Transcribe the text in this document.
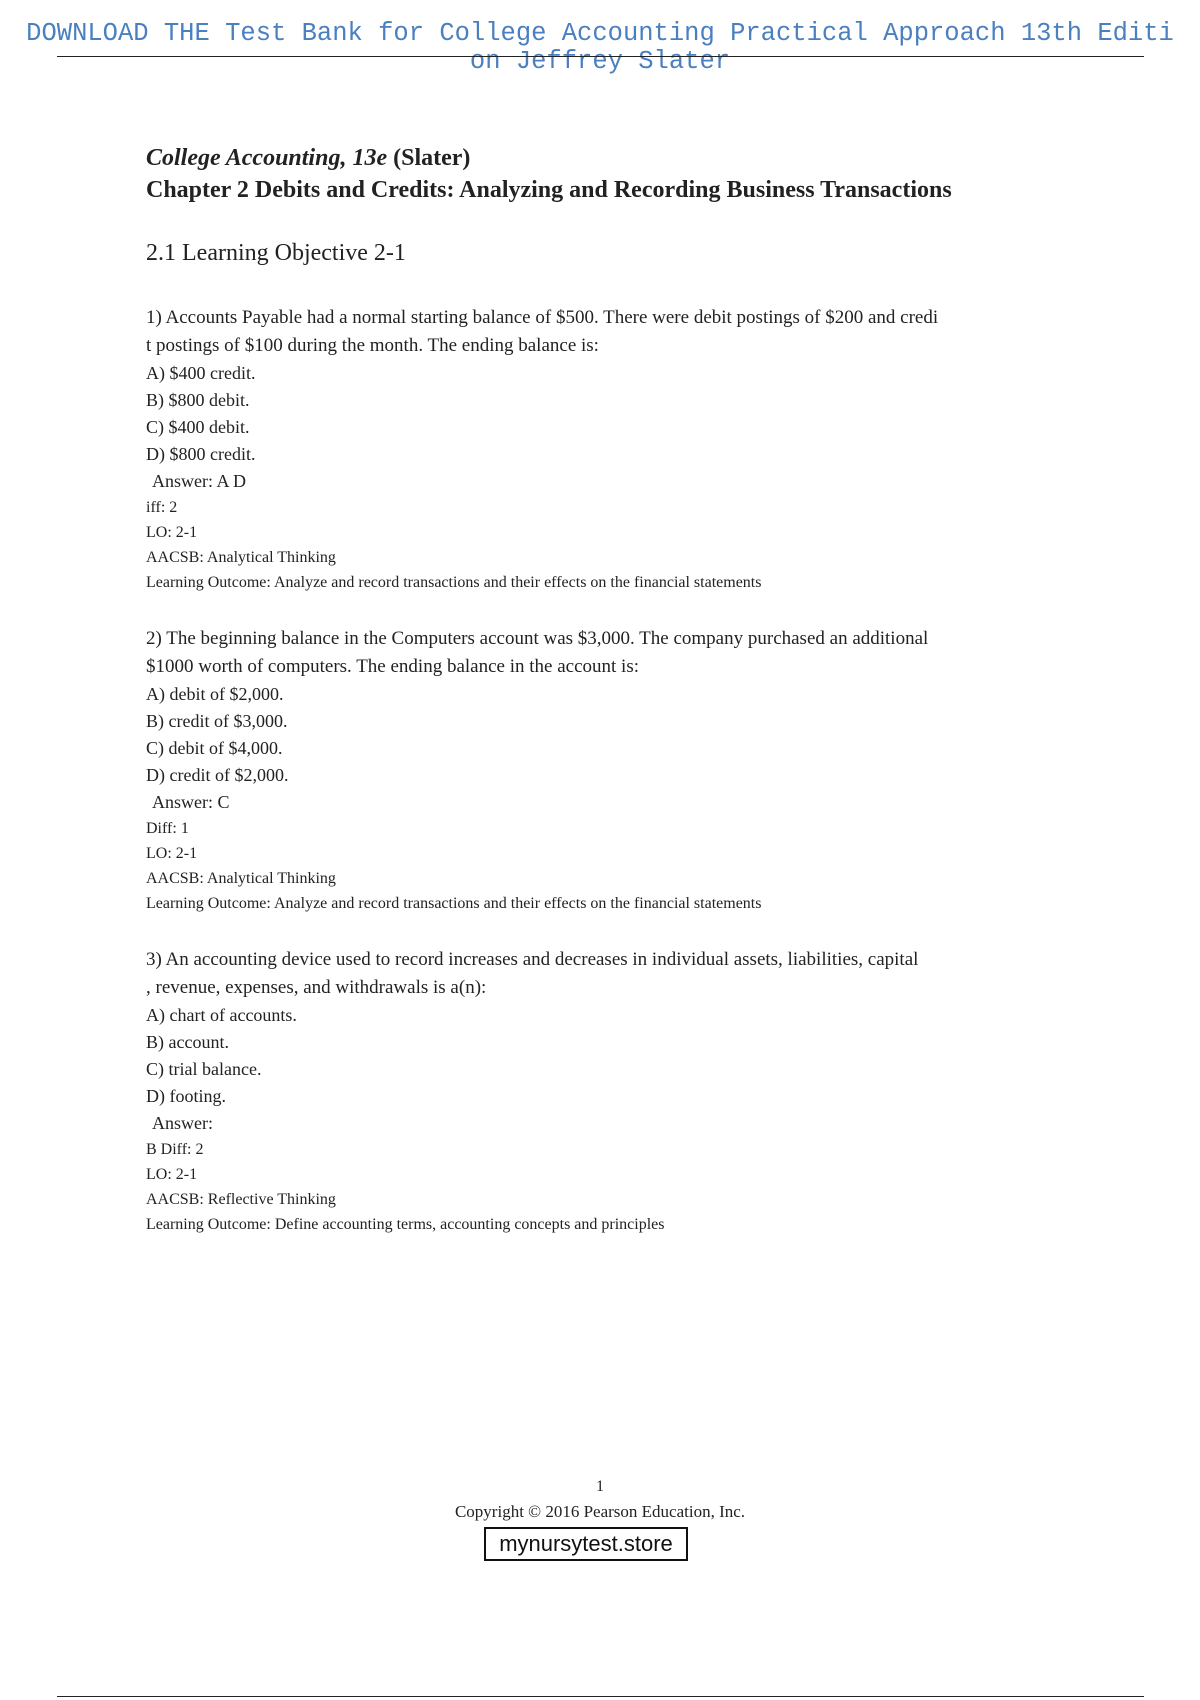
DOWNLOAD THE Test Bank for College Accounting Practical Approach 13th Editi
on Jeffrey Slater

College Accounting, 13e (Slater)

Chapter 2 Debits and Credits: Analyzing and Recording Business Transactions

2.1 Learning Objective 2-1

1) Accounts Payable had a normal starting balance of $500. There were debit postings of $200 and credi

t postings of $100 during the month. The ending balance is:

A) $400 credit.

B) $800 debit.

C) $400 debit.

D) $800 credit.

Answer: A D

iff: 2

LO: 2-1

AACSB: Analytical Thinking

Learning Outcome: Analyze and record transactions and their effects on the financial statements

2) The beginning balance in the Computers account was $3,000. The company purchased an additional

$1000 worth of computers. The ending balance in the account is:

A) debit of $2,000.

B) credit of $3,000.

C) debit of $4,000.

D) credit of $2,000.

Answer: C

Diff: 1

LO: 2-1

AACSB: Analytical Thinking

Learning Outcome: Analyze and record transactions and their effects on the financial statements

3) An accounting device used to record increases and decreases in individual assets, liabilities, capital

, revenue, expenses, and withdrawals is a(n):

A) chart of accounts.

B) account.

C) trial balance.

D) footing.

Answer:

B Diff: 2

LO: 2-1

AACSB: Reflective Thinking

Learning Outcome: Define accounting terms, accounting concepts and principles

1
Copyright © 2016 Pearson Education, Inc.
mynursytest.store
